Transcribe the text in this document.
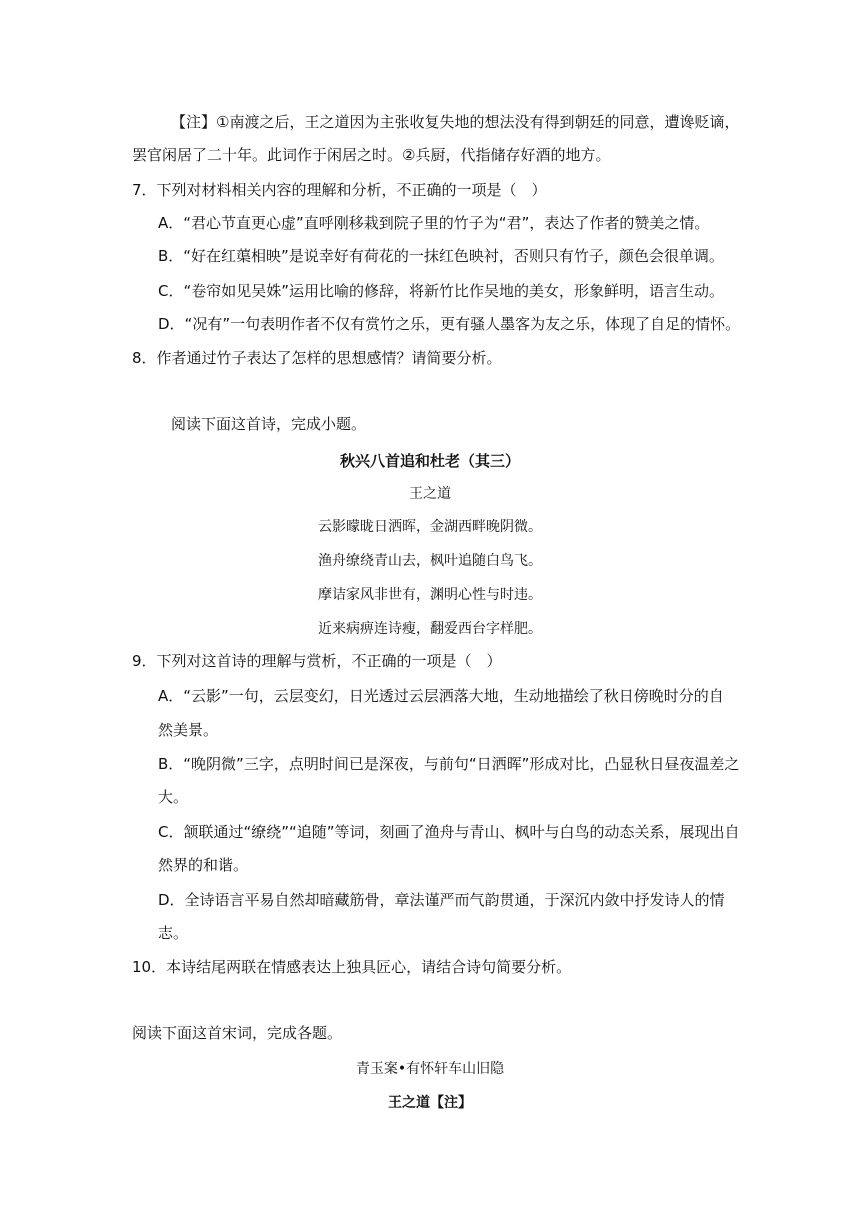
【注】①南渡之后，王之道因为主张收复失地的想法没有得到朝廷的同意，遭谗贬谪，
罢官闲居了二十年。此词作于闲居之时。②兵厨，代指储存好酒的地方。
7．下列对材料相关内容的理解和分析，不正确的一项是（　）
A．“君心节直更心虚”直呼刚移栽到院子里的竹子为“君”，表达了作者的赞美之情。
B．“好在红蕖相映”是说幸好有荷花的一抹红色映衬，否则只有竹子，颜色会很单调。
C．“卷帘如见吴姝”运用比喻的修辞，将新竹比作吴地的美女，形象鲜明，语言生动。
D．“况有”一句表明作者不仅有赏竹之乐，更有骚人墨客为友之乐，体现了自足的情怀。
8．作者通过竹子表达了怎样的思想感情？请简要分析。
阅读下面这首诗，完成小题。
秋兴八首追和杜老（其三）
王之道
云影曚昽日洒晖，金湖西畔晚阴微。
渔舟缭绕青山去，枫叶追随白鸟飞。
摩诘家风非世有，渊明心性与时违。
近来病痹连诗瘦，翻爱西台字样肥。
9．下列对这首诗的理解与赏析，不正确的一项是（　）
A．“云影”一句，云层变幻，日光透过云层洒落大地，生动地描绘了秋日傍晚时分的自
然美景。
B．“晚阴微”三字，点明时间已是深夜，与前句“日洒晖”形成对比，凸显秋日昼夜温差之
大。
C．颔联通过“缭绕”“追随”等词，刻画了渔舟与青山、枫叶与白鸟的动态关系，展现出自
然界的和谐。
D．全诗语言平易自然却暗藏筋骨，章法谨严而气韵贯通，于深沉内敛中抒发诗人的情
志。
10．本诗结尾两联在情感表达上独具匠心，请结合诗句简要分析。
阅读下面这首宋词，完成各题。
青玉案•有怀轩车山旧隐
王之道【注】
